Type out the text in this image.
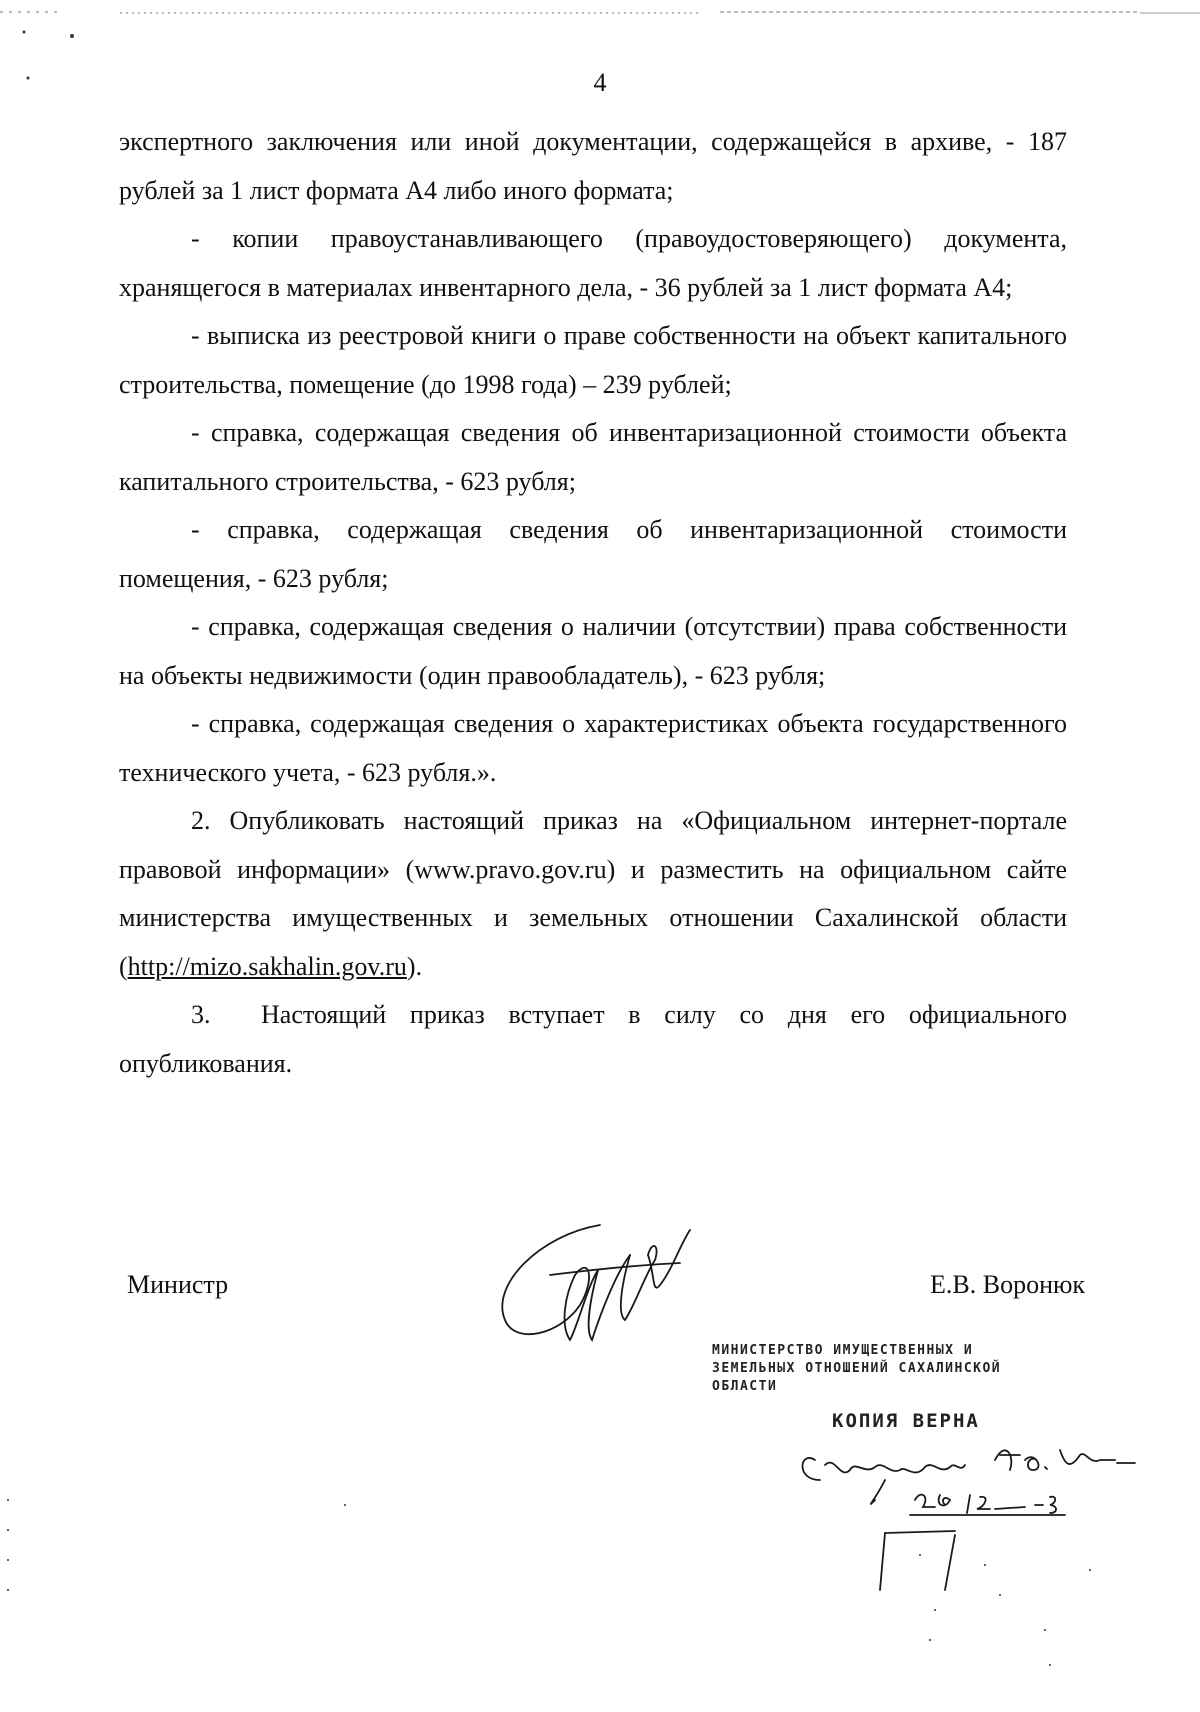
4

экспертного заключения или иной документации, содержащейся в архиве, - 187 рублей за 1 лист формата А4 либо иного формата;

- копии правоустанавливающего (правоудостоверяющего) документа, хранящегося в материалах инвентарного дела, - 36 рублей за 1 лист формата А4;

- выписка из реестровой книги о праве собственности на объект капитального строительства, помещение (до 1998 года) – 239 рублей;

- справка, содержащая сведения об инвентаризационной стоимости объекта капитального строительства, - 623 рубля;

- справка, содержащая сведения об инвентаризационной стоимости помещения, - 623 рубля;

- справка, содержащая сведения о наличии (отсутствии) права собственности на объекты недвижимости (один правообладатель), - 623 рубля;

- справка, содержащая сведения о характеристиках объекта государственного технического учета, - 623 рубля.».

2. Опубликовать настоящий приказ на «Официальном интернет-портале правовой информации» (www.pravo.gov.ru) и разместить на официальном сайте министерства имущественных и земельных отношении Сахалинской области (http://mizo.sakhalin.gov.ru).

3. Настоящий приказ вступает в силу со дня его официального опубликования.

Министр	Е.В. Воронюк
МИНИСТЕРСТВО ИМУЩЕСТВЕННЫХ И
ЗЕМЕЛЬНЫХ ОТНОШЕНИЙ САХАЛИНСКОЙ
ОБЛАСТИ
КОПИЯ ВЕРНА
